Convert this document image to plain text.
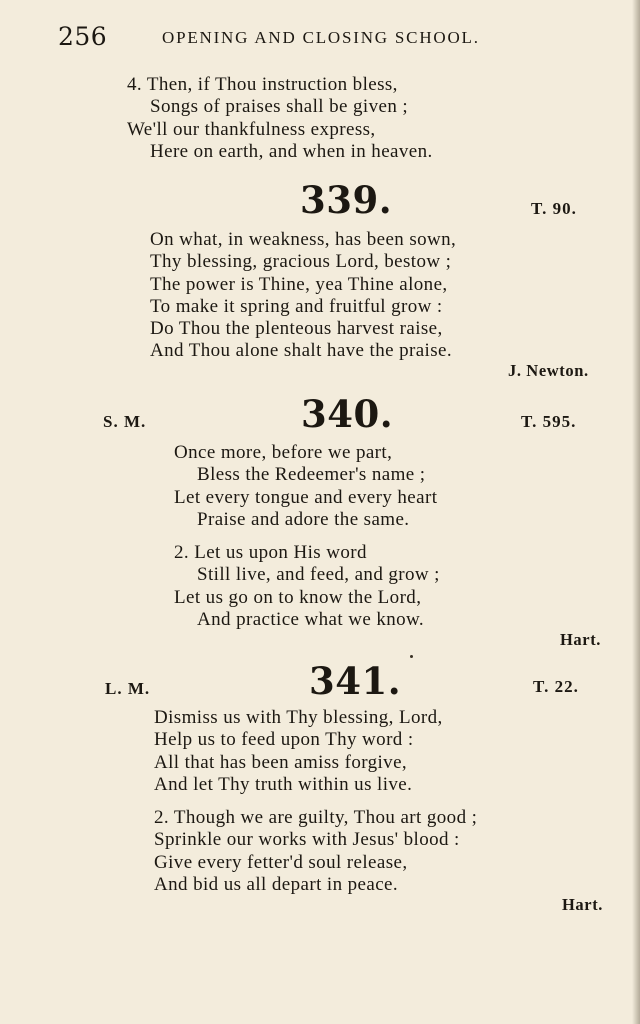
256	OPENING AND CLOSING SCHOOL.
4. Then, if Thou instruction bless,
Songs of praises shall be given ;
We'll our thankfulness express,
Here on earth, and when in heaven.
339.	T. 90.
On what, in weakness, has been sown,
Thy blessing, gracious Lord, bestow ;
The power is Thine, yea Thine alone,
To make it spring and fruitful grow :
Do Thou the plenteous harvest raise,
And Thou alone shalt have the praise.
J. Newton.
S. M.	340.	T. 595.
Once more, before we part,
Bless the Redeemer's name ;
Let every tongue and every heart
Praise and adore the same.
2. Let us upon His word
Still live, and feed, and grow ;
Let us go on to know the Lord,
And practice what we know.
Hart.
L. M.	341.	T. 22.
Dismiss us with Thy blessing, Lord,
Help us to feed upon Thy word :
All that has been amiss forgive,
And let Thy truth within us live.
2. Though we are guilty, Thou art good ;
Sprinkle our works with Jesus' blood :
Give every fetter'd soul release,
And bid us all depart in peace.
Hart.
